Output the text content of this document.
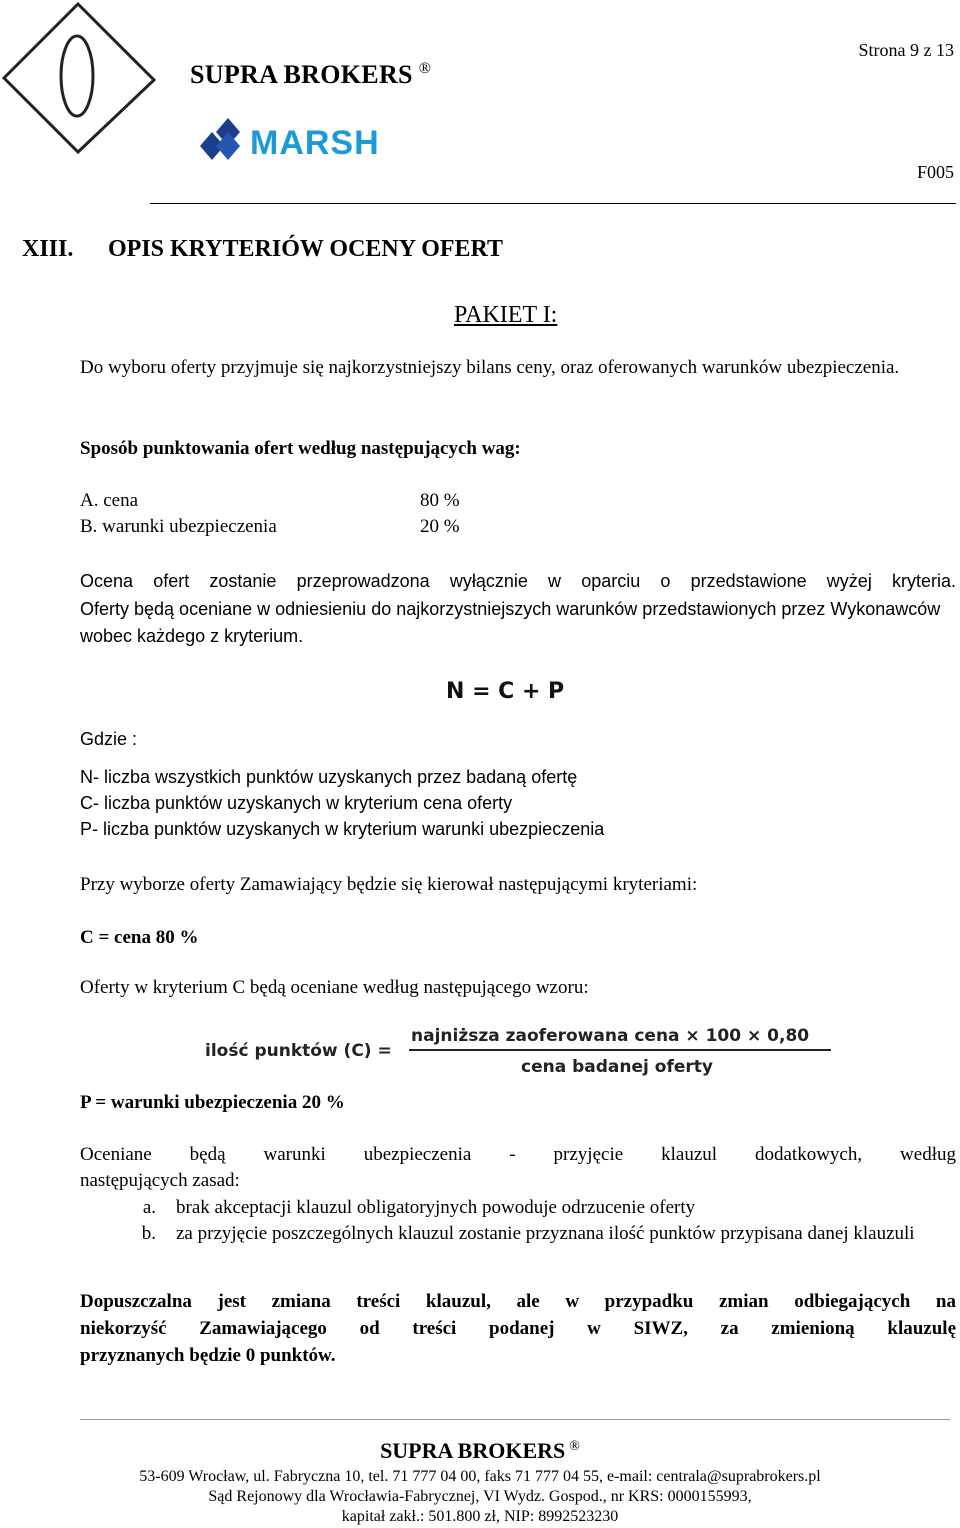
SUPRA BROKERS ®
MARSH
Strona 9 z 13
F005
XIII. OPIS KRYTERIÓW OCENY OFERT
PAKIET I:
Do wyboru oferty przyjmuje się najkorzystniejszy bilans ceny, oraz oferowanych warunków ubezpieczenia.
Sposób punktowania ofert według następujących wag:
A. cena	80 %
B. warunki ubezpieczenia	20 %
Ocena ofert zostanie przeprowadzona wyłącznie w oparciu o przedstawione wyżej kryteria.
Oferty będą oceniane w odniesieniu do najkorzystniejszych warunków przedstawionych przez Wykonawców wobec każdego z kryterium.
N = C + P
Gdzie :
N- liczba wszystkich punktów uzyskanych przez badaną ofertę
C- liczba punktów uzyskanych w kryterium cena oferty
P- liczba punktów uzyskanych w kryterium warunki ubezpieczenia
Przy wyborze oferty Zamawiający będzie się kierował następującymi kryteriami:
C = cena 80 %
Oferty w kryterium C będą oceniane według następującego wzoru:
ilość punktów (C) =
najniższa zaoferowana cena × 100 × 0,80
cena badanej oferty
P = warunki ubezpieczenia 20 %
Oceniane będą warunki ubezpieczenia - przyjęcie klauzul dodatkowych, według
następujących zasad:
a.	brak akceptacji klauzul obligatoryjnych powoduje odrzucenie oferty
b.	za przyjęcie poszczególnych klauzul zostanie przyznana ilość punktów przypisana danej klauzuli
Dopuszczalna jest zmiana treści klauzul, ale w przypadku zmian odbiegających na
niekorzyść Zamawiającego od treści podanej w SIWZ, za zmienioną klauzulę
przyznanych będzie 0 punktów.
SUPRA BROKERS ®
53-609 Wrocław, ul. Fabryczna 10, tel. 71 777 04 00, faks 71 777 04 55, e-mail: centrala@suprabrokers.pl
Sąd Rejonowy dla Wrocławia-Fabrycznej, VI Wydz. Gospod., nr KRS: 0000155993,
kapitał zakł.: 501.800 zł, NIP: 8992523230
